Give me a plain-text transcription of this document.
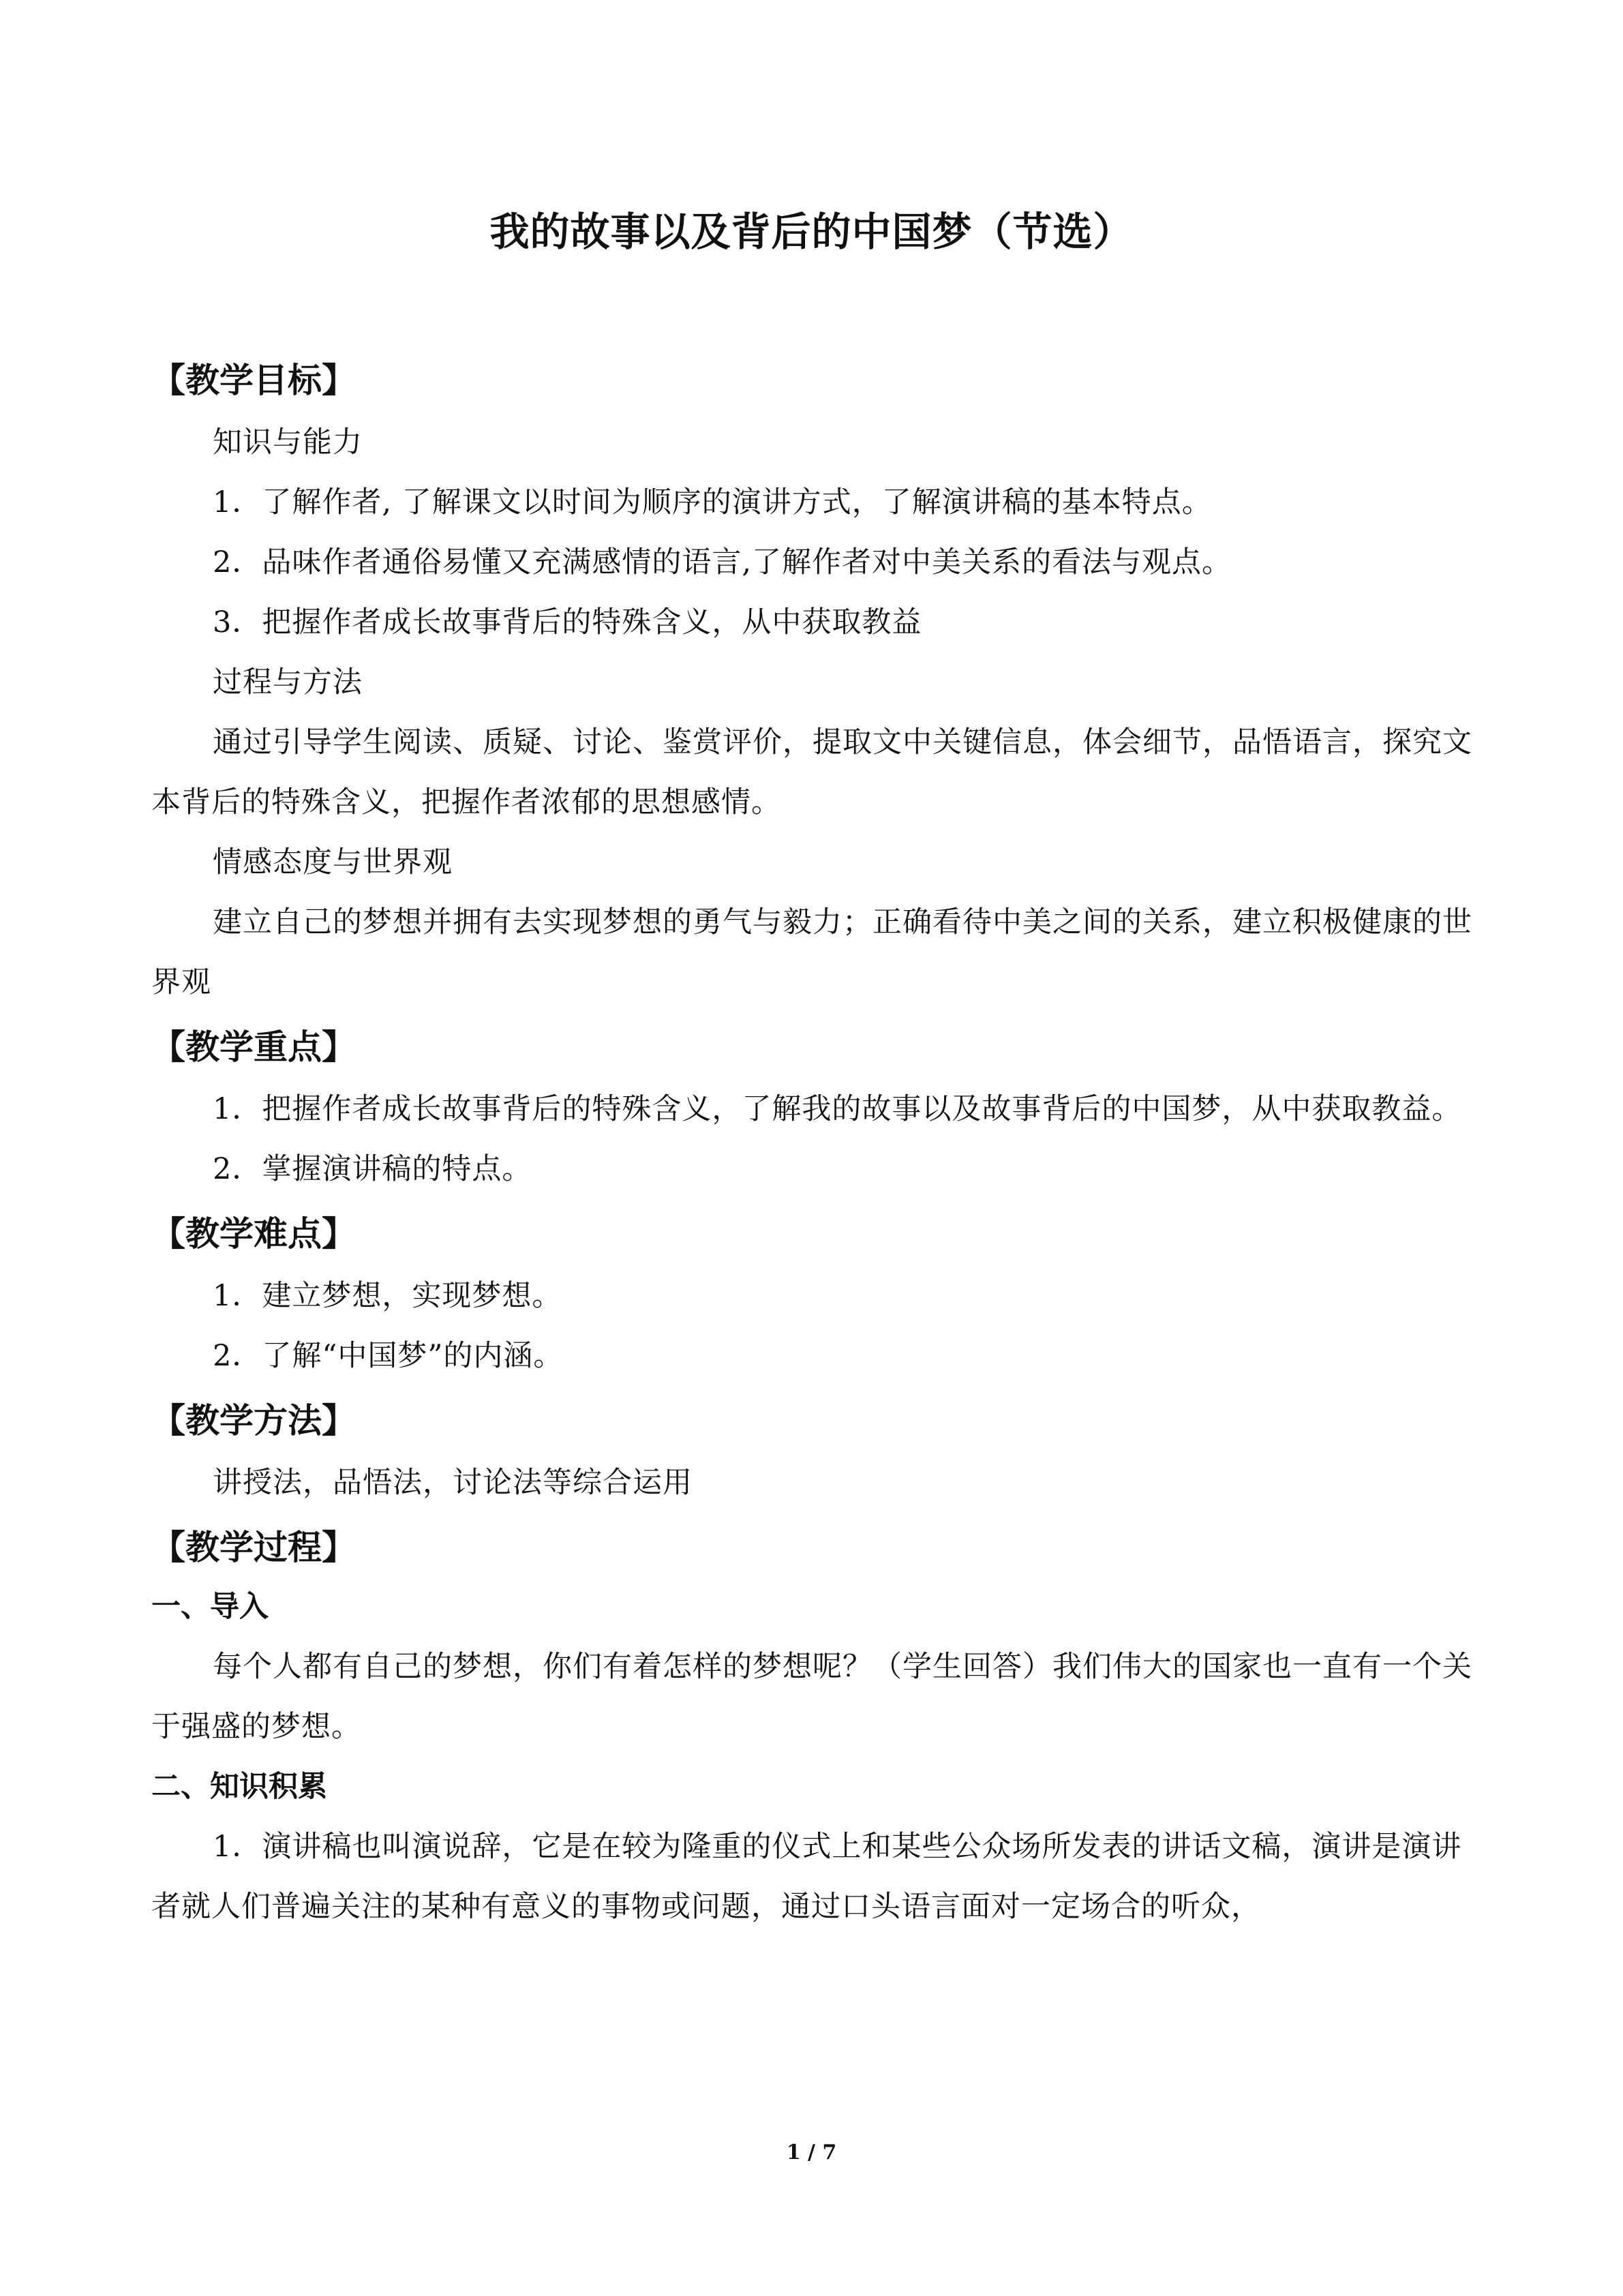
我的故事以及背后的中国梦（节选）
【教学目标】

知识与能力

1．了解作者, 了解课文以时间为顺序的演讲方式，了解演讲稿的基本特点。

2．品味作者通俗易懂又充满感情的语言,了解作者对中美关系的看法与观点。

3．把握作者成长故事背后的特殊含义，从中获取教益

过程与方法

通过引导学生阅读、质疑、讨论、鉴赏评价，提取文中关键信息，体会细节，品悟语言，探究文本背后的特殊含义，把握作者浓郁的思想感情。

情感态度与世界观

建立自己的梦想并拥有去实现梦想的勇气与毅力；正确看待中美之间的关系，建立积极健康的世界观

【教学重点】

1．把握作者成长故事背后的特殊含义，了解我的故事以及故事背后的中国梦，从中获取教益。

2．掌握演讲稿的特点。

【教学难点】

1．建立梦想，实现梦想。

2．了解“中国梦”的内涵。

【教学方法】

讲授法，品悟法，讨论法等综合运用

【教学过程】
一、导入

每个人都有自己的梦想，你们有着怎样的梦想呢？（学生回答）我们伟大的国家也一直有一个关于强盛的梦想。

二、知识积累

1．演讲稿也叫演说辞，它是在较为隆重的仪式上和某些公众场所发表的讲话文稿，演讲是演讲者就人们普遍关注的某种有意义的事物或问题，通过口头语言面对一定场合的听众，

1 / 7
